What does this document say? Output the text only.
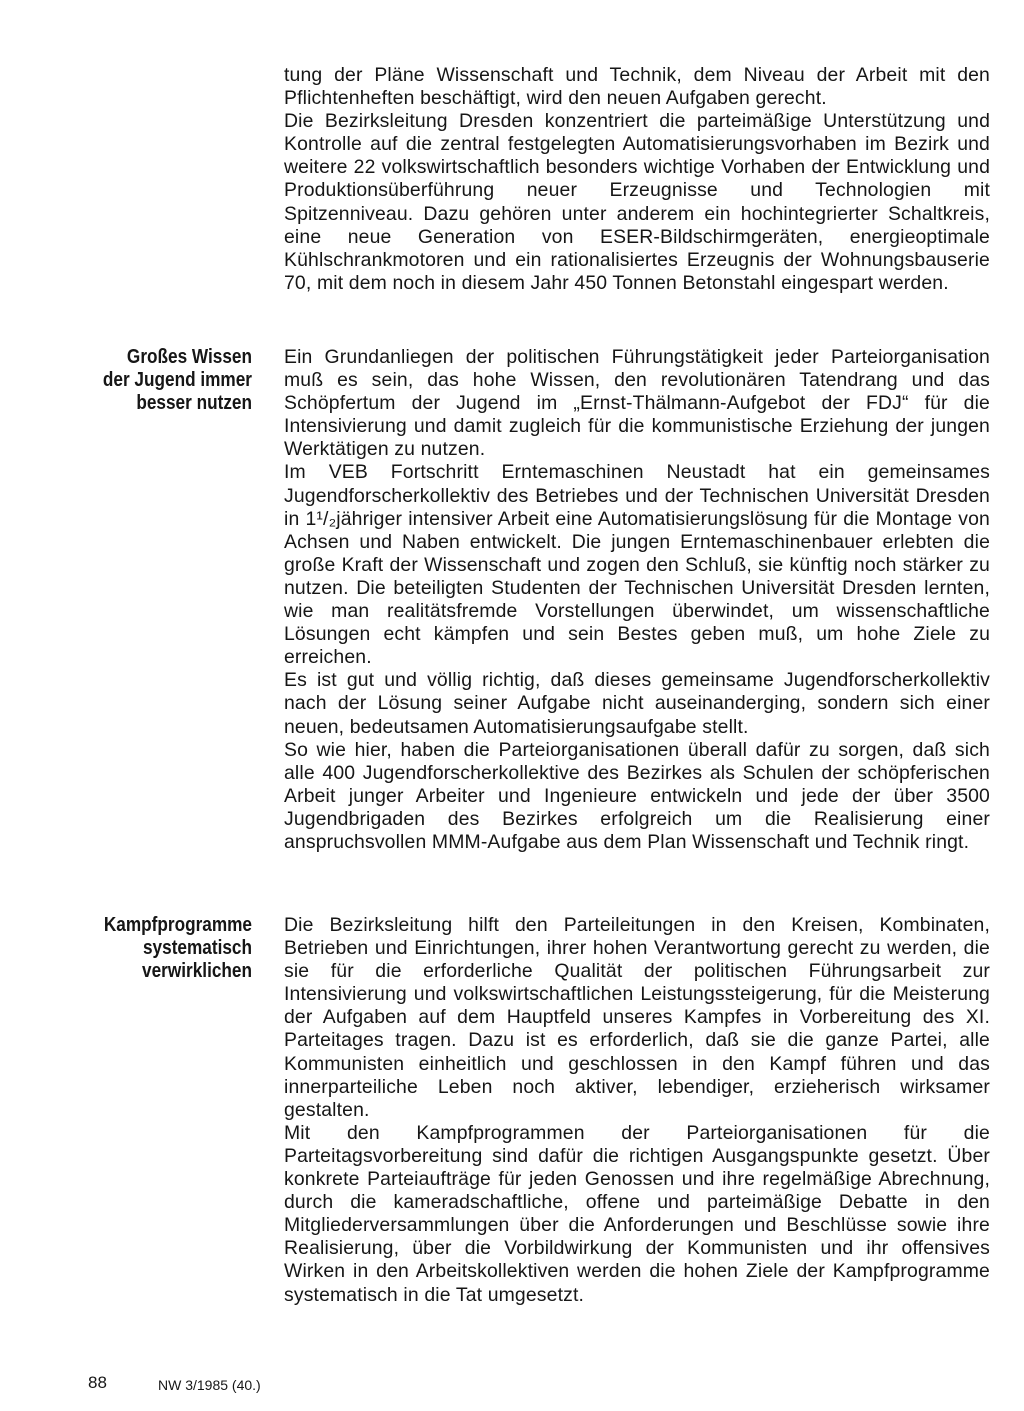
tung der Pläne Wissenschaft und Technik, dem Niveau der Arbeit mit den Pflichtenheften beschäftigt, wird den neuen Aufgaben gerecht.

Die Bezirksleitung Dresden konzentriert die parteimäßige Unterstützung und Kontrolle auf die zentral festgelegten Automatisierungsvorhaben im Bezirk und weitere 22 volkswirtschaftlich besonders wichtige Vorhaben der Entwicklung und Produktionsüberführung neuer Erzeugnisse und Technologien mit Spitzenniveau. Dazu gehören unter anderem ein hochintegrierter Schaltkreis, eine neue Generation von ESER-Bildschirmgeräten, energieoptimale Kühlschrankmotoren und ein rationalisiertes Erzeugnis der Wohnungsbauserie 70, mit dem noch in diesem Jahr 450 Tonnen Betonstahl eingespart werden.

Großes Wissen
der Jugend immer
besser nutzen

Ein Grundanliegen der politischen Führungstätigkeit jeder Parteiorganisation muß es sein, das hohe Wissen, den revolutionären Tatendrang und das Schöpfertum der Jugend im „Ernst-Thälmann-Aufgebot der FDJ“ für die Intensivierung und damit zugleich für die kommunistische Erziehung der jungen Werktätigen zu nutzen.

Im VEB Fortschritt Erntemaschinen Neustadt hat ein gemeinsames Jugendforscherkollektiv des Betriebes und der Technischen Universität Dresden in 1¹/₂jähriger intensiver Arbeit eine Automatisierungslösung für die Montage von Achsen und Naben entwickelt. Die jungen Erntemaschinenbauer erlebten die große Kraft der Wissenschaft und zogen den Schluß, sie künftig noch stärker zu nutzen. Die beteiligten Studenten der Technischen Universität Dresden lernten, wie man realitätsfremde Vorstellungen überwindet, um wissenschaftliche Lösungen echt kämpfen und sein Bestes geben muß, um hohe Ziele zu erreichen.

Es ist gut und völlig richtig, daß dieses gemeinsame Jugendforscherkollektiv nach der Lösung seiner Aufgabe nicht auseinanderging, sondern sich einer neuen, bedeutsamen Automatisierungsaufgabe stellt.

So wie hier, haben die Parteiorganisationen überall dafür zu sorgen, daß sich alle 400 Jugendforscherkollektive des Bezirkes als Schulen der schöpferischen Arbeit junger Arbeiter und Ingenieure entwickeln und jede der über 3500 Jugendbrigaden des Bezirkes erfolgreich um die Realisierung einer anspruchsvollen MMM-Aufgabe aus dem Plan Wissenschaft und Technik ringt.

Kampfprogramme
systematisch
verwirklichen

Die Bezirksleitung hilft den Parteileitungen in den Kreisen, Kombinaten, Betrieben und Einrichtungen, ihrer hohen Verantwortung gerecht zu werden, die sie für die erforderliche Qualität der politischen Führungsarbeit zur Intensivierung und volkswirtschaftlichen Leistungssteigerung, für die Meisterung der Aufgaben auf dem Hauptfeld unseres Kampfes in Vorbereitung des XI. Parteitages tragen. Dazu ist es erforderlich, daß sie die ganze Partei, alle Kommunisten einheitlich und geschlossen in den Kampf führen und das innerparteiliche Leben noch aktiver, lebendiger, erzieherisch wirksamer gestalten.

Mit den Kampfprogrammen der Parteiorganisationen für die Parteitagsvorbereitung sind dafür die richtigen Ausgangspunkte gesetzt. Über konkrete Parteiaufträge für jeden Genossen und ihre regelmäßige Abrechnung, durch die kameradschaftliche, offene und parteimäßige Debatte in den Mitgliederversammlungen über die Anforderungen und Beschlüsse sowie ihre Realisierung, über die Vorbildwirkung der Kommunisten und ihr offensives Wirken in den Arbeitskollektiven werden die hohen Ziele der Kampfprogramme systematisch in die Tat umgesetzt.

88	NW 3/1985 (40.)
